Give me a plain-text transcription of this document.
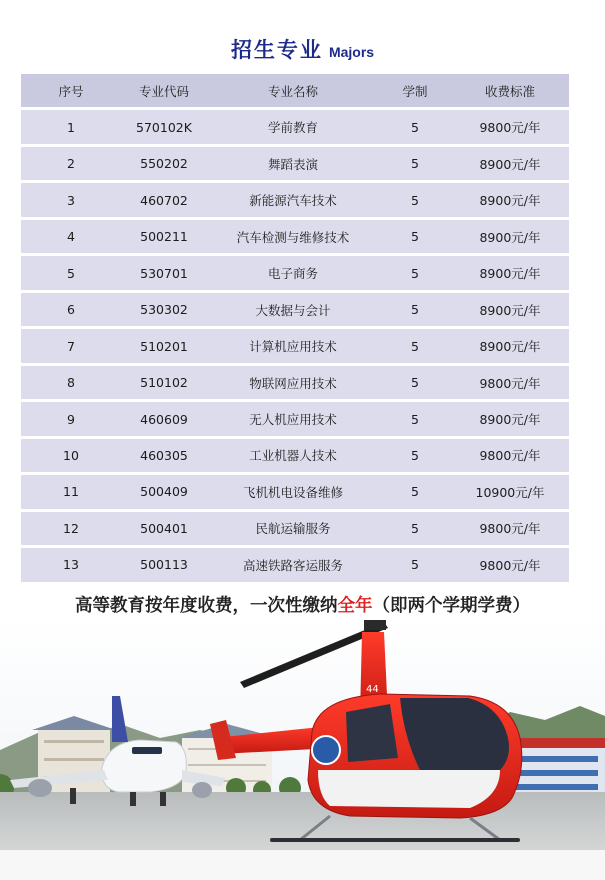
招生专业 Majors
序号	专业代码	专业名称	学制	收费标准
1	570102K	学前教育	5	9800元/年
2	550202	舞蹈表演	5	8900元/年
3	460702	新能源汽车技术	5	8900元/年
4	500211	汽车检测与维修技术	5	8900元/年
5	530701	电子商务	5	8900元/年
6	530302	大数据与会计	5	8900元/年
7	510201	计算机应用技术	5	8900元/年
8	510102	物联网应用技术	5	9800元/年
9	460609	无人机应用技术	5	8900元/年
10	460305	工业机器人技术	5	9800元/年
11	500409	飞机机电设备维修	5	10900元/年
12	500401	民航运输服务	5	9800元/年
13	500113	高速铁路客运服务	5	9800元/年
高等教育按年度收费，一次性缴纳全年（即两个学期学费）
44
